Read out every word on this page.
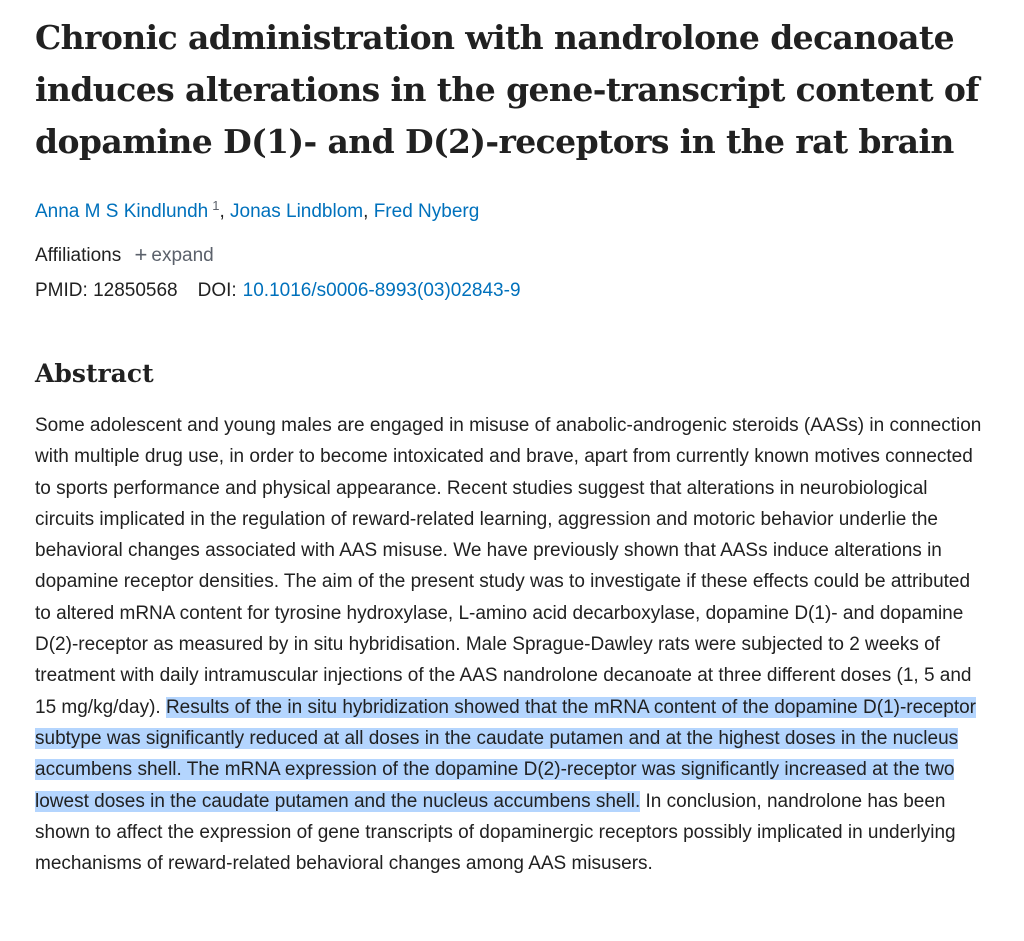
Chronic administration with nandrolone decanoate induces alterations in the gene-transcript content of dopamine D(1)- and D(2)-receptors in the rat brain
Anna M S Kindlundh $^1$, Jonas Lindblom, Fred Nyberg
Affiliations + expand
PMID: 12850568 DOI: 10.1016/s0006-8993(03)02843-9
Abstract
Some adolescent and young males are engaged in misuse of anabolic-androgenic steroids (AASs) in connection with multiple drug use, in order to become intoxicated and brave, apart from currently known motives connected to sports performance and physical appearance. Recent studies suggest that alterations in neurobiological circuits implicated in the regulation of reward-related learning, aggression and motoric behavior underlie the behavioral changes associated with AAS misuse. We have previously shown that AASs induce alterations in dopamine receptor densities. The aim of the present study was to investigate if these effects could be attributed to altered mRNA content for tyrosine hydroxylase, L-amino acid decarboxylase, dopamine D(1)- and dopamine D(2)-receptor as measured by in situ hybridisation. Male Sprague-Dawley rats were subjected to 2 weeks of treatment with daily intramuscular injections of the AAS nandrolone decanoate at three different doses (1, 5 and 15 mg/kg/day). Results of the in situ hybridization showed that the mRNA content of the dopamine D(1)-receptor subtype was significantly reduced at all doses in the caudate putamen and at the highest doses in the nucleus accumbens shell. The mRNA expression of the dopamine D(2)-receptor was significantly increased at the two lowest doses in the caudate putamen and the nucleus accumbens shell. In conclusion, nandrolone has been shown to affect the expression of gene transcripts of dopaminergic receptors possibly implicated in underlying mechanisms of reward-related behavioral changes among AAS misusers.
